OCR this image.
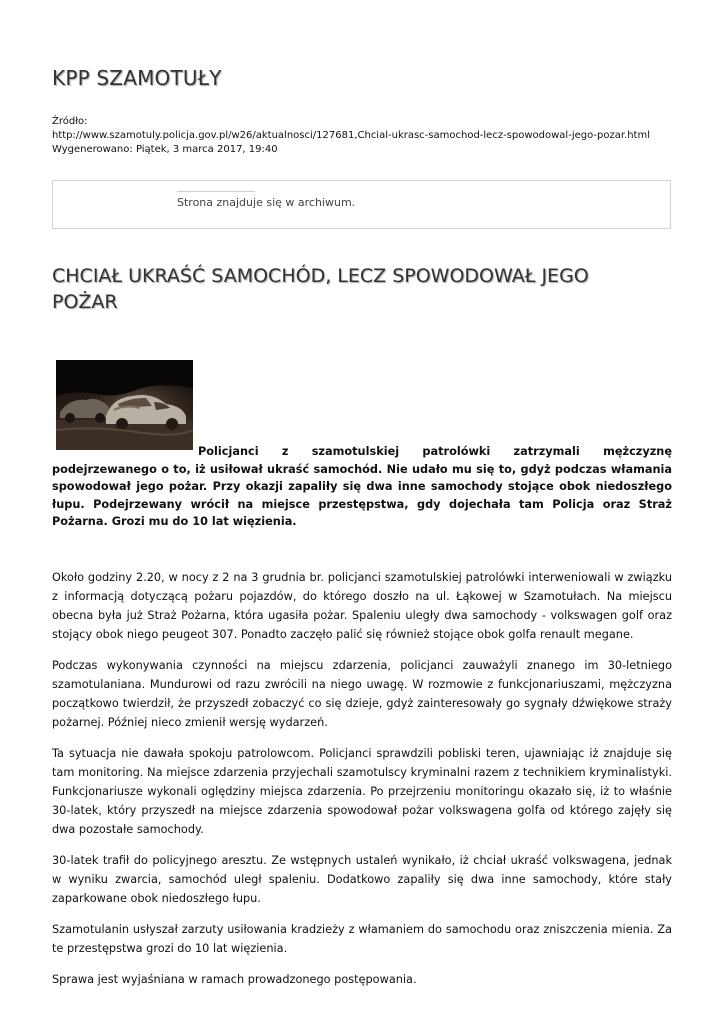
KPP SZAMOTUŁY
Źródło:
http://www.szamotuly.policja.gov.pl/w26/aktualnosci/127681,Chcial-ukrasc-samochod-lecz-spowodowal-jego-pozar.html
Wygenerowano: Piątek, 3 marca 2017, 19:40
Strona znajduje się w archiwum.
CHCIAŁ UKRAŚĆ SAMOCHÓD, LECZ SPOWODOWAŁ JEGO POŻAR
Policjanci z szamotulskiej patrolówki zatrzymali mężczyznę podejrzewanego o to, iż usiłował ukraść samochód. Nie udało mu się to, gdyż podczas włamania spowodował jego pożar. Przy okazji zapaliły się dwa inne samochody stojące obok niedoszłego łupu. Podejrzewany wrócił na miejsce przestępstwa, gdy dojechała tam Policja oraz Straż Pożarna. Grozi mu do 10 lat więzienia.

Około godziny 2.20, w nocy z 2 na 3 grudnia br. policjanci szamotulskiej patrolówki interweniowali w związku z informacją dotyczącą pożaru pojazdów, do którego doszło na ul. Łąkowej w Szamotułach. Na miejscu obecna była już Straż Pożarna, która ugasiła pożar. Spaleniu uległy dwa samochody - volkswagen golf oraz stojący obok niego peugeot 307. Ponadto zaczęło palić się również stojące obok golfa renault megane.

Podczas wykonywania czynności na miejscu zdarzenia, policjanci zauważyli znanego im 30-letniego szamotulaniana. Mundurowi od razu zwrócili na niego uwagę. W rozmowie z funkcjonariuszami, mężczyzna początkowo twierdził, że przyszedł zobaczyć co się dzieje, gdyż zainteresowały go sygnały dźwiękowe straży pożarnej. Później nieco zmienił wersję wydarzeń.

Ta sytuacja nie dawała spokoju patrolowcom. Policjanci sprawdzili pobliski teren, ujawniając iż znajduje się tam monitoring. Na miejsce zdarzenia przyjechali szamotulscy kryminalni razem z technikiem kryminalistyki. Funkcjonariusze wykonali oględziny miejsca zdarzenia. Po przejrzeniu monitoringu okazało się, iż to właśnie 30-latek, który przyszedł na miejsce zdarzenia spowodował pożar volkswagena golfa od którego zajęły się dwa pozostałe samochody.

30-latek trafił do policyjnego aresztu. Ze wstępnych ustaleń wynikało, iż chciał ukraść volkswagena, jednak w wyniku zwarcia, samochód uległ spaleniu. Dodatkowo zapaliły się dwa inne samochody, które stały zaparkowane obok niedoszłego łupu.

Szamotulanin usłyszał zarzuty usiłowania kradzieży z włamaniem do samochodu oraz zniszczenia mienia. Za te przestępstwa grozi do 10 lat więzienia.

Sprawa jest wyjaśniana w ramach prowadzonego postępowania.
